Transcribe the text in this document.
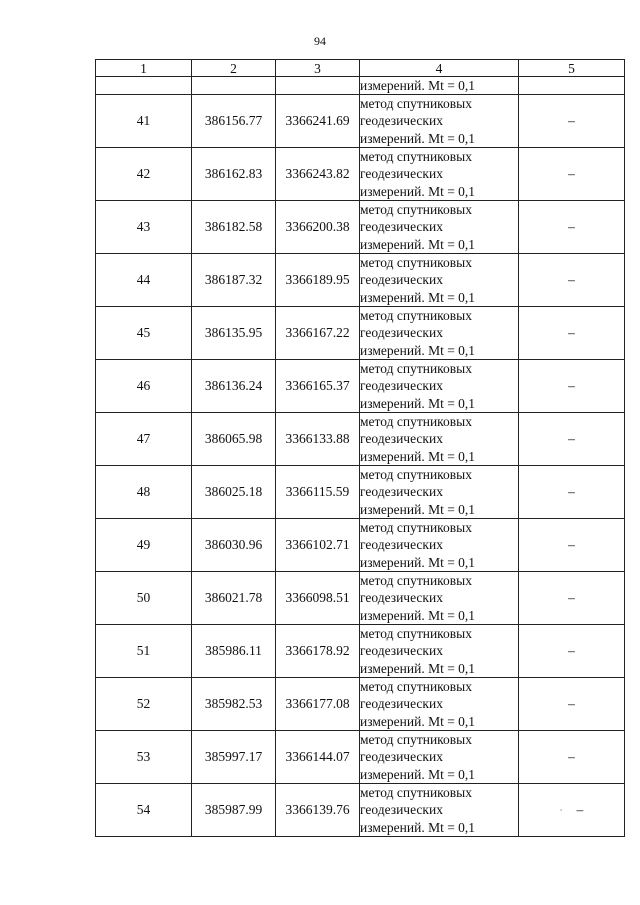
94
1	2	3	4	5

			измерений. Mt = 0,1	

41	386156.77	3366241.69	метод спутниковых
геодезических
измерений. Mt = 0,1	–
42	386162.83	3366243.82	метод спутниковых
геодезических
измерений. Mt = 0,1	–
43	386182.58	3366200.38	метод спутниковых
геодезических
измерений. Mt = 0,1	–
44	386187.32	3366189.95	метод спутниковых
геодезических
измерений. Mt = 0,1	–
45	386135.95	3366167.22	метод спутниковых
геодезических
измерений. Mt = 0,1	–
46	386136.24	3366165.37	метод спутниковых
геодезических
измерений. Mt = 0,1	–
47	386065.98	3366133.88	метод спутниковых
геодезических
измерений. Mt = 0,1	–
48	386025.18	3366115.59	метод спутниковых
геодезических
измерений. Mt = 0,1	–
49	386030.96	3366102.71	метод спутниковых
геодезических
измерений. Mt = 0,1	–
50	386021.78	3366098.51	метод спутниковых
геодезических
измерений. Mt = 0,1	–
51	385986.11	3366178.92	метод спутниковых
геодезических
измерений. Mt = 0,1	–
52	385982.53	3366177.08	метод спутниковых
геодезических
измерений. Mt = 0,1	–
53	385997.17	3366144.07	метод спутниковых
геодезических
измерений. Mt = 0,1	–
54	385987.99	3366139.76	метод спутниковых
геодезических
измерений. Mt = 0,1	· –
